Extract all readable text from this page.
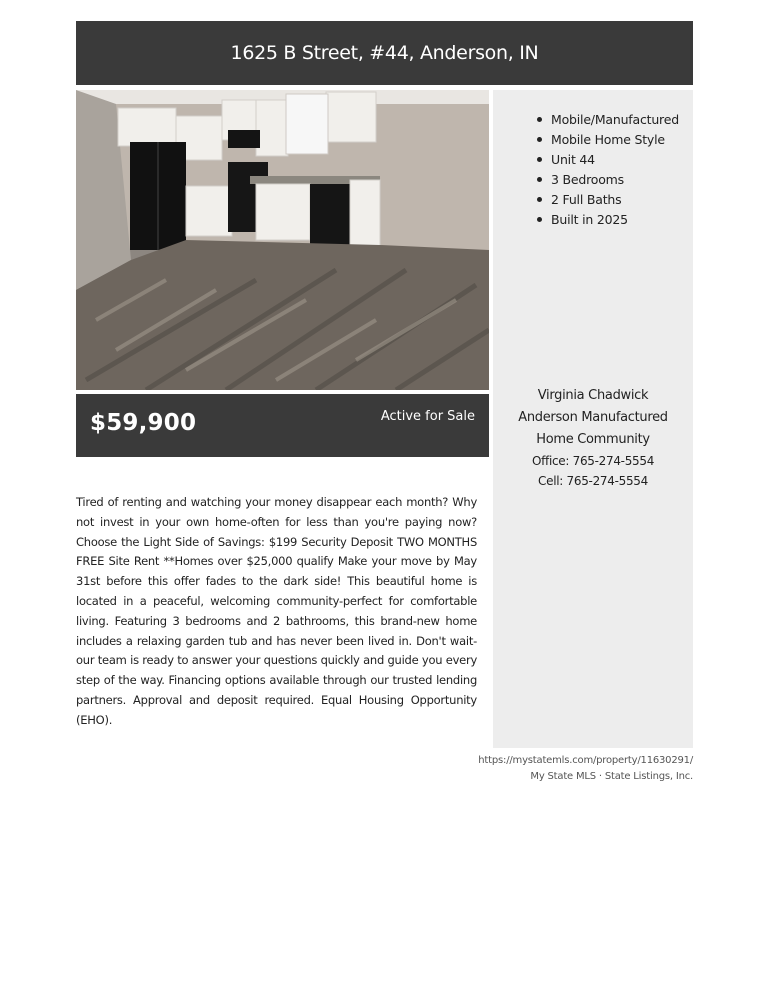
1625 B Street, #44, Anderson, IN
$59,900	Active for Sale
Mobile/Manufactured
Mobile Home Style
Unit 44
3 Bedrooms
2 Full Baths
Built in 2025
Virginia Chadwick
Anderson Manufactured
Home Community
Office: 765-274-5554
Cell: 765-274-5554

Tired of renting and watching your money disappear each month? Why not invest in your own home-often for less than you're paying now? Choose the Light Side of Savings: $199 Security Deposit TWO MONTHS FREE Site Rent **Homes over $25,000 qualify Make your move by May 31st before this offer fades to the dark side! This beautiful home is located in a peaceful, welcoming community-perfect for comfortable living. Featuring 3 bedrooms and 2 bathrooms, this brand-new home includes a relaxing garden tub and has never been lived in. Don't wait-our team is ready to answer your questions quickly and guide you every step of the way. Financing options available through our trusted lending partners. Approval and deposit required. Equal Housing Opportunity (EHO).

https://mystatemls.com/property/11630291/
My State MLS · State Listings, Inc.
